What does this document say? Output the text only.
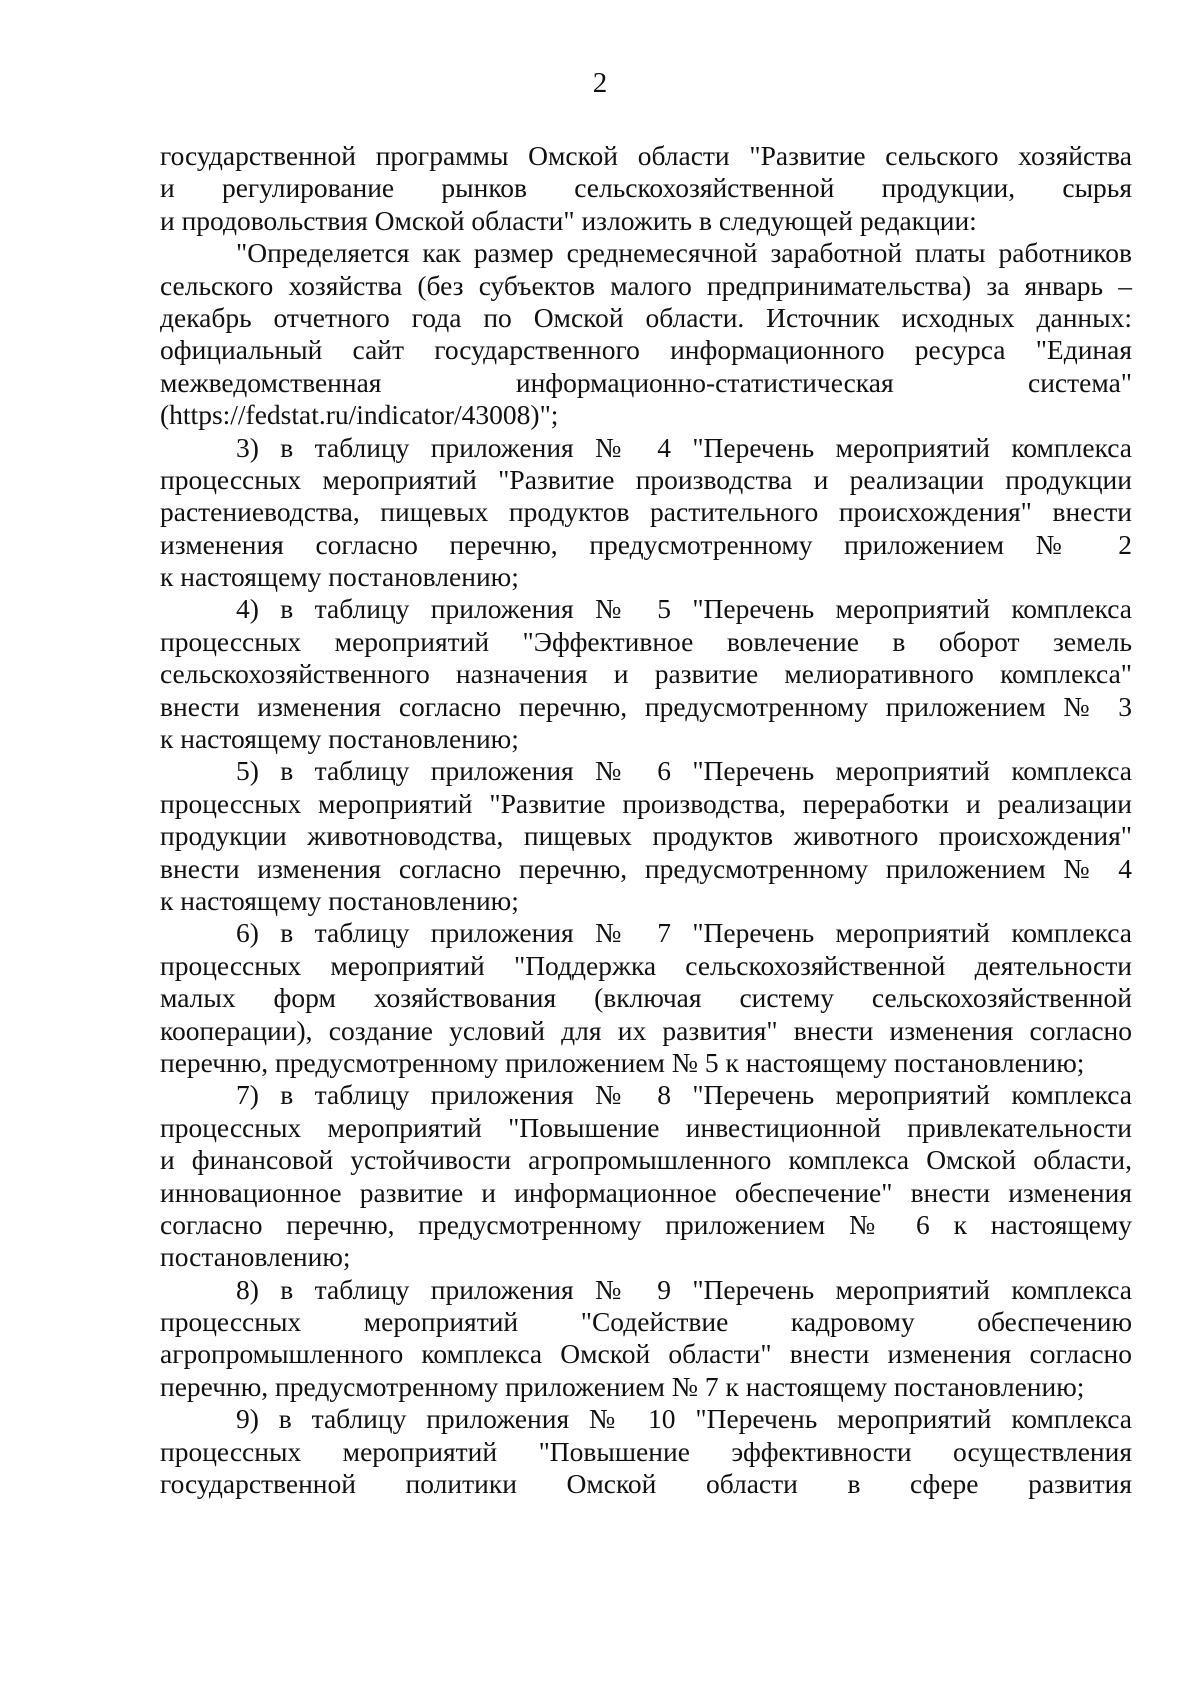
2
государственной программы Омской области "Развитие сельского хозяйства
и регулирование рынков сельскохозяйственной продукции, сырья
и продовольствия Омской области" изложить в следующей редакции:
"Определяется как размер среднемесячной заработной платы работников
сельского хозяйства (без субъектов малого предпринимательства) за январь –
декабрь отчетного года по Омской области. Источник исходных данных:
официальный сайт государственного информационного ресурса "Единая
межведомственная информационно-статистическая система"
(https://fedstat.ru/indicator/43008)";
3) в таблицу приложения № 4 "Перечень мероприятий комплекса
процессных мероприятий "Развитие производства и реализации продукции
растениеводства, пищевых продуктов растительного происхождения" внести
изменения согласно перечню, предусмотренному приложением № 2
к настоящему постановлению;
4) в таблицу приложения № 5 "Перечень мероприятий комплекса
процессных мероприятий "Эффективное вовлечение в оборот земель
сельскохозяйственного назначения и развитие мелиоративного комплекса"
внести изменения согласно перечню, предусмотренному приложением № 3
к настоящему постановлению;
5) в таблицу приложения № 6 "Перечень мероприятий комплекса
процессных мероприятий "Развитие производства, переработки и реализации
продукции животноводства, пищевых продуктов животного происхождения"
внести изменения согласно перечню, предусмотренному приложением № 4
к настоящему постановлению;
6) в таблицу приложения № 7 "Перечень мероприятий комплекса
процессных мероприятий "Поддержка сельскохозяйственной деятельности
малых форм хозяйствования (включая систему сельскохозяйственной
кооперации), создание условий для их развития" внести изменения согласно
перечню, предусмотренному приложением № 5 к настоящему постановлению;
7) в таблицу приложения № 8 "Перечень мероприятий комплекса
процессных мероприятий "Повышение инвестиционной привлекательности
и финансовой устойчивости агропромышленного комплекса Омской области,
инновационное развитие и информационное обеспечение" внести изменения
согласно перечню, предусмотренному приложением № 6 к настоящему
постановлению;
8) в таблицу приложения № 9 "Перечень мероприятий комплекса
процессных мероприятий "Содействие кадровому обеспечению
агропромышленного комплекса Омской области" внести изменения согласно
перечню, предусмотренному приложением № 7 к настоящему постановлению;
9) в таблицу приложения № 10 "Перечень мероприятий комплекса
процессных мероприятий "Повышение эффективности осуществления
государственной политики Омской области в сфере развития
